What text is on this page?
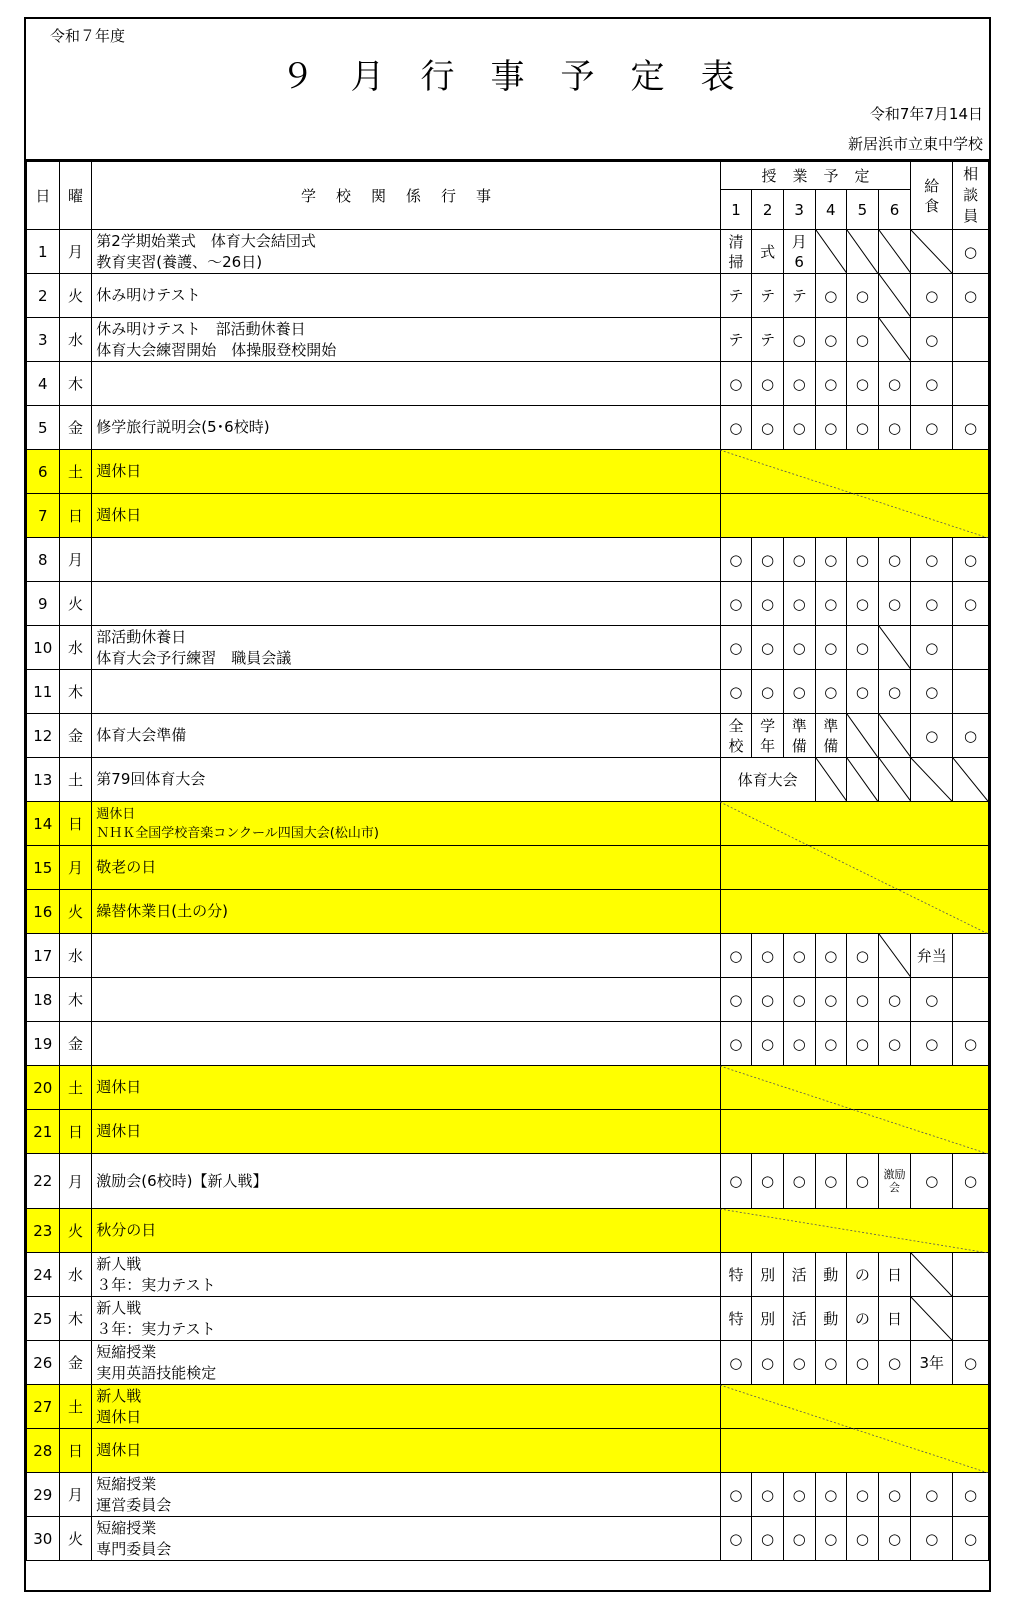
令和７年度
９月行事予定表
令和7年7月14日
新居浜市立東中学校
日	曜	学校関係行事	授業予定						給食	相談員
			1	2	3	4	5	6		
1	月	第2学期始業式　体育大会結団式
教育実習(養護、～26日)	清掃	式	月6					○
2	火	休み明けテスト	テ	テ	テ	○	○		○	○
3	水	休み明けテスト　部活動休養日
体育大会練習開始　体操服登校開始	テ	テ	○	○	○		○	
4	木		○	○	○	○	○	○	○	
5	金	修学旅行説明会(5･6校時)	○	○	○	○	○	○	○	○
6	土	週休日								

7	日	週休日								

8	月		○	○	○	○	○	○	○	○
9	火		○	○	○	○	○	○	○	○
10	水	部活動休養日
体育大会予行練習　職員会議	○	○	○	○	○		○	
11	木		○	○	○	○	○	○	○	
12	金	体育大会準備	全校	学年	準備	準備			○	○
13	土	第79回体育大会	体育大会	

14	日	週休日
ＮＨＫ全国学校音楽コンクール四国大会(松山市)								

15	月	敬老の日								

16	火	繰替休業日(土の分)								

17	水		○	○	○	○	○		弁当	
18	木		○	○	○	○	○	○	○	
19	金		○	○	○	○	○	○	○	○
20	土	週休日								

21	日	週休日								

22	月	激励会(6校時)【新人戦】	○	○	○	○	○	激励会	○	○
23	火	秋分の日								

24	水	新人戦
３年：実力テスト	特	別	活	動	の	日	

25	木	新人戦
３年：実力テスト	特	別	活	動	の	日	

26	金	短縮授業
実用英語技能検定	○	○	○	○	○	○	3年	○
27	土	新人戦
週休日								

28	日	週休日								

29	月	短縮授業
運営委員会	○	○	○	○	○	○	○	○
30	火	短縮授業
専門委員会	○	○	○	○	○	○	○	○
